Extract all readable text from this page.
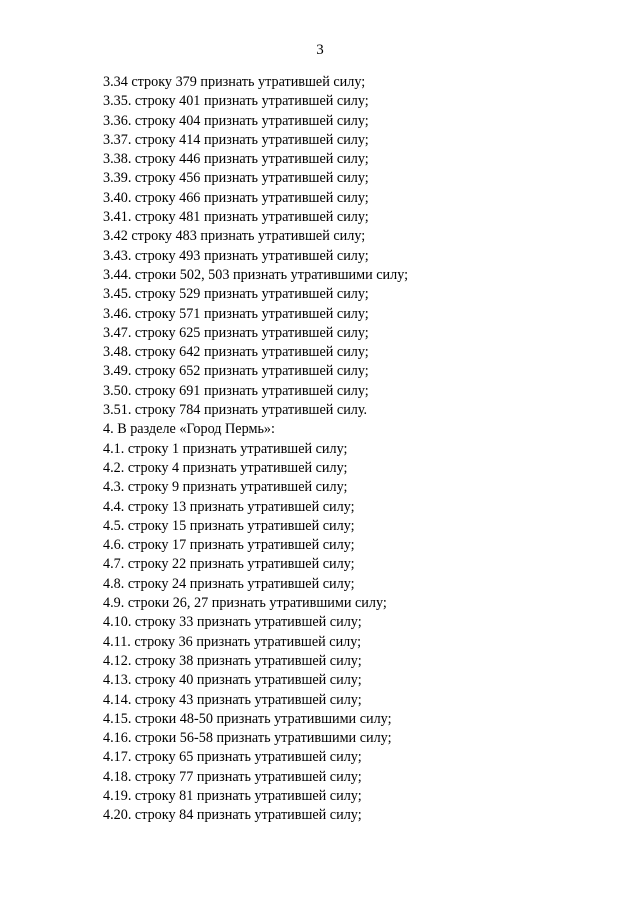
3
3.34 строку 379 признать утратившей силу;
3.35. строку 401 признать утратившей силу;
3.36. строку 404 признать утратившей силу;
3.37. строку 414 признать утратившей силу;
3.38. строку 446 признать утратившей силу;
3.39. строку 456 признать утратившей силу;
3.40. строку 466 признать утратившей силу;
3.41. строку 481 признать утратившей силу;
3.42 строку 483 признать утратившей силу;
3.43. строку 493 признать утратившей силу;
3.44. строки 502, 503 признать утратившими силу;
3.45. строку 529 признать утратившей силу;
3.46. строку 571 признать утратившей силу;
3.47. строку 625 признать утратившей силу;
3.48. строку 642 признать утратившей силу;
3.49. строку 652 признать утратившей силу;
3.50. строку 691 признать утратившей силу;
3.51. строку 784 признать утратившей силу.
4. В разделе «Город Пермь»:
4.1. строку 1 признать утратившей силу;
4.2. строку 4 признать утратившей силу;
4.3. строку 9 признать утратившей силу;
4.4. строку 13 признать утратившей силу;
4.5. строку 15 признать утратившей силу;
4.6. строку 17 признать утратившей силу;
4.7. строку 22 признать утратившей силу;
4.8. строку 24 признать утратившей силу;
4.9. строки 26, 27 признать утратившими силу;
4.10. строку 33 признать утратившей силу;
4.11. строку 36 признать утратившей силу;
4.12. строку 38 признать утратившей силу;
4.13. строку 40 признать утратившей силу;
4.14. строку 43 признать утратившей силу;
4.15. строки 48-50 признать утратившими силу;
4.16. строки 56-58 признать утратившими силу;
4.17. строку 65 признать утратившей силу;
4.18. строку 77 признать утратившей силу;
4.19. строку 81 признать утратившей силу;
4.20. строку 84 признать утратившей силу;
